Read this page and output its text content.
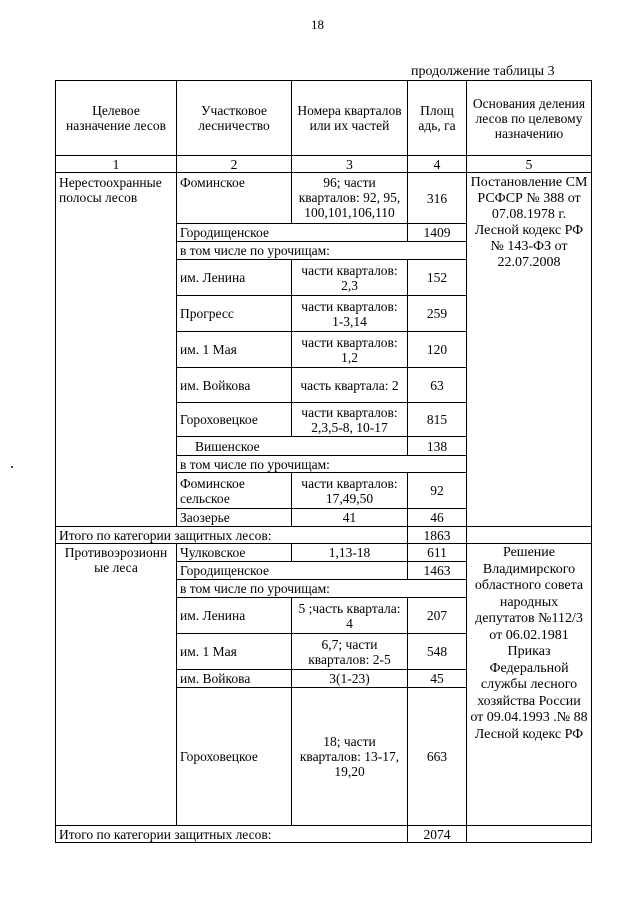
18
продолжение таблицы 3
Целевое назначение лесов	Участковое лесничество	Номера кварталов или их частей	Площ адь, га	Основания деления лесов по целевому назначению
1	2	3	4	5
Нерестоохранные полосы лесов	Фоминское	96; части кварталов: 92, 95, 100,101,106,110	316	Постановление СМ РСФСР № 388 от 07.08.1978 г. Лесной кодекс РФ № 143-ФЗ от 22.07.2008
	Городищенское		1409	
	в том числе по урочищам:			
	им. Ленина	части кварталов: 2,3	152	
	Прогресс	части кварталов: 1-3,14	259	
	им. 1 Мая	части кварталов: 1,2	120	
	им. Войкова	часть квартала: 2	63	
	Гороховецкое	части кварталов: 2,3,5-8, 10-17	815	
	Вишенское		138	
	в том числе по урочищам:			
	Фоминское сельское	части кварталов: 17,49,50	92	
	Заозерье	41	46	
Итого по категории защитных лесов:			1863	
Противоэрозионн ые леса	Чулковское	1,13-18	611	Решение Владимирского областного совета народных депутатов №112/3 от 06.02.1981 Приказ Федеральной службы лесного хозяйства России от 09.04.1993 .№ 88 Лесной кодекс РФ
	Городищенское		1463	
	в том числе по урочищам:			
	им. Ленина	5 ;часть квартала: 4	207	
	им. 1 Мая	6,7; части кварталов: 2-5	548	
	им. Войкова	3(1-23)	45	
	Гороховецкое	18; части кварталов: 13-17, 19,20	663	
Итого по категории защитных лесов:			2074	
